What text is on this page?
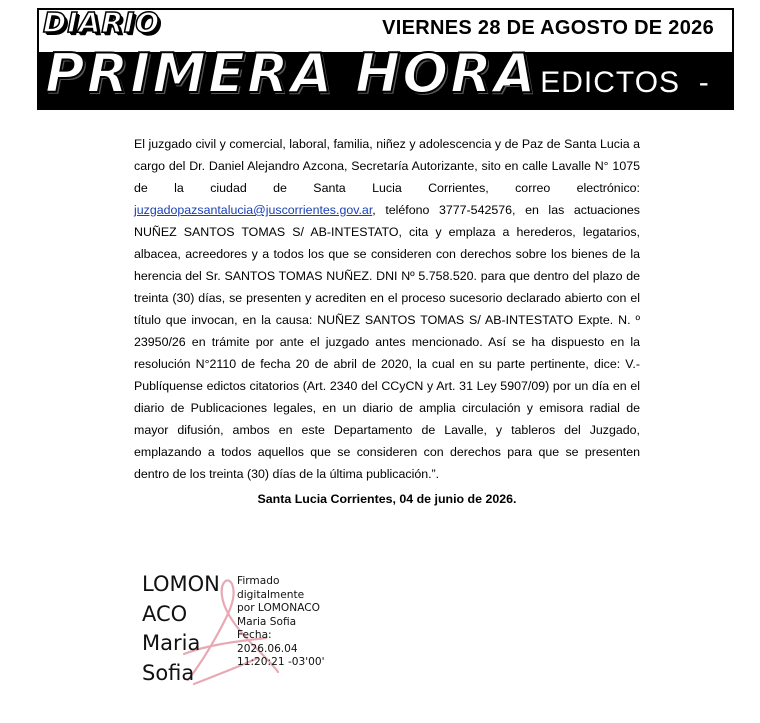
DIARIO	VIERNES 28 DE AGOSTO DE 2026
PRIMERA HORA
-   EDICTOS  -
El juzgado civil y comercial, laboral, familia, niñez y adolescencia y de Paz de Santa Lucia a cargo del Dr. Daniel Alejandro Azcona, Secretaría Autorizante, sito en calle Lavalle N° 1075 de la ciudad de Santa Lucia Corrientes, correo electrónico: juzgadopazsantalucia@juscorrientes.gov.ar, teléfono 3777-542576, en las actuaciones NUÑEZ SANTOS TOMAS S/ AB-INTESTATO, cita y emplaza a herederos, legatarios, albacea, acreedores y a todos los que se consideren con derechos sobre los bienes de la herencia del Sr. SANTOS TOMAS NUÑEZ. DNI Nº 5.758.520. para que dentro del plazo de treinta (30) días, se presenten y acrediten en el proceso sucesorio declarado abierto con el título que invocan, en la causa: NUÑEZ SANTOS TOMAS S/ AB-INTESTATO Expte. N. º 23950/26 en trámite por ante el juzgado antes mencionado. Así se ha dispuesto en la resolución N°2110 de fecha 20 de abril de 2020, la cual en su parte pertinente, dice: V.- Publíquense edictos citatorios (Art. 2340 del CCyCN y Art. 31 Ley 5907/09) por un día en el diario de Publicaciones legales, en un diario de amplia circulación y emisora radial de mayor difusión, ambos en este Departamento de Lavalle, y tableros del Juzgado, emplazando a todos aquellos que se consideren con derechos para que se presenten dentro de los treinta (30) días de la última publicación.”.
Santa Lucia Corrientes, 04 de junio de 2026.
LOMON
ACO
Maria
Sofia
Firmado
digitalmente
por LOMONACO
Maria Sofia
Fecha:
2026.06.04
11:20:21 -03'00'
